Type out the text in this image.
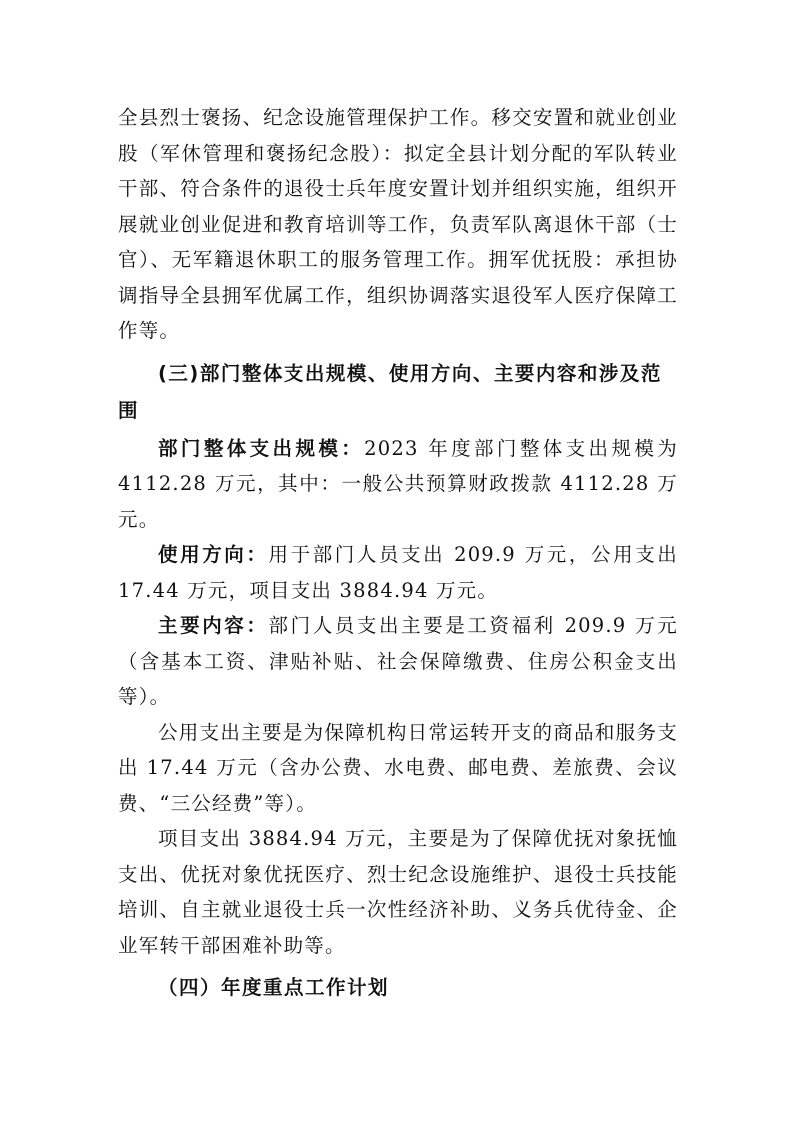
全县烈士褒扬、纪念设施管理保护工作。移交安置和就业创业股（军休管理和褒扬纪念股）：拟定全县计划分配的军队转业干部、符合条件的退役士兵年度安置计划并组织实施，组织开展就业创业促进和教育培训等工作，负责军队离退休干部（士官）、无军籍退休职工的服务管理工作。拥军优抚股：承担协调指导全县拥军优属工作，组织协调落实退役军人医疗保障工作等。

(三)部门整体支出规模、使用方向、主要内容和涉及范围

部门整体支出规模：2023 年度部门整体支出规模为 4112.28 万元，其中：一般公共预算财政拨款 4112.28 万元。

使用方向：用于部门人员支出 209.9 万元，公用支出 17.44 万元，项目支出 3884.94 万元。

主要内容：部门人员支出主要是工资福利 209.9 万元（含基本工资、津贴补贴、社会保障缴费、住房公积金支出等）。

公用支出主要是为保障机构日常运转开支的商品和服务支出 17.44 万元（含办公费、水电费、邮电费、差旅费、会议费、“三公经费”等）。

项目支出 3884.94 万元，主要是为了保障优抚对象抚恤支出、优抚对象优抚医疗、烈士纪念设施维护、退役士兵技能培训、自主就业退役士兵一次性经济补助、义务兵优待金、企业军转干部困难补助等。

（四）年度重点工作计划
